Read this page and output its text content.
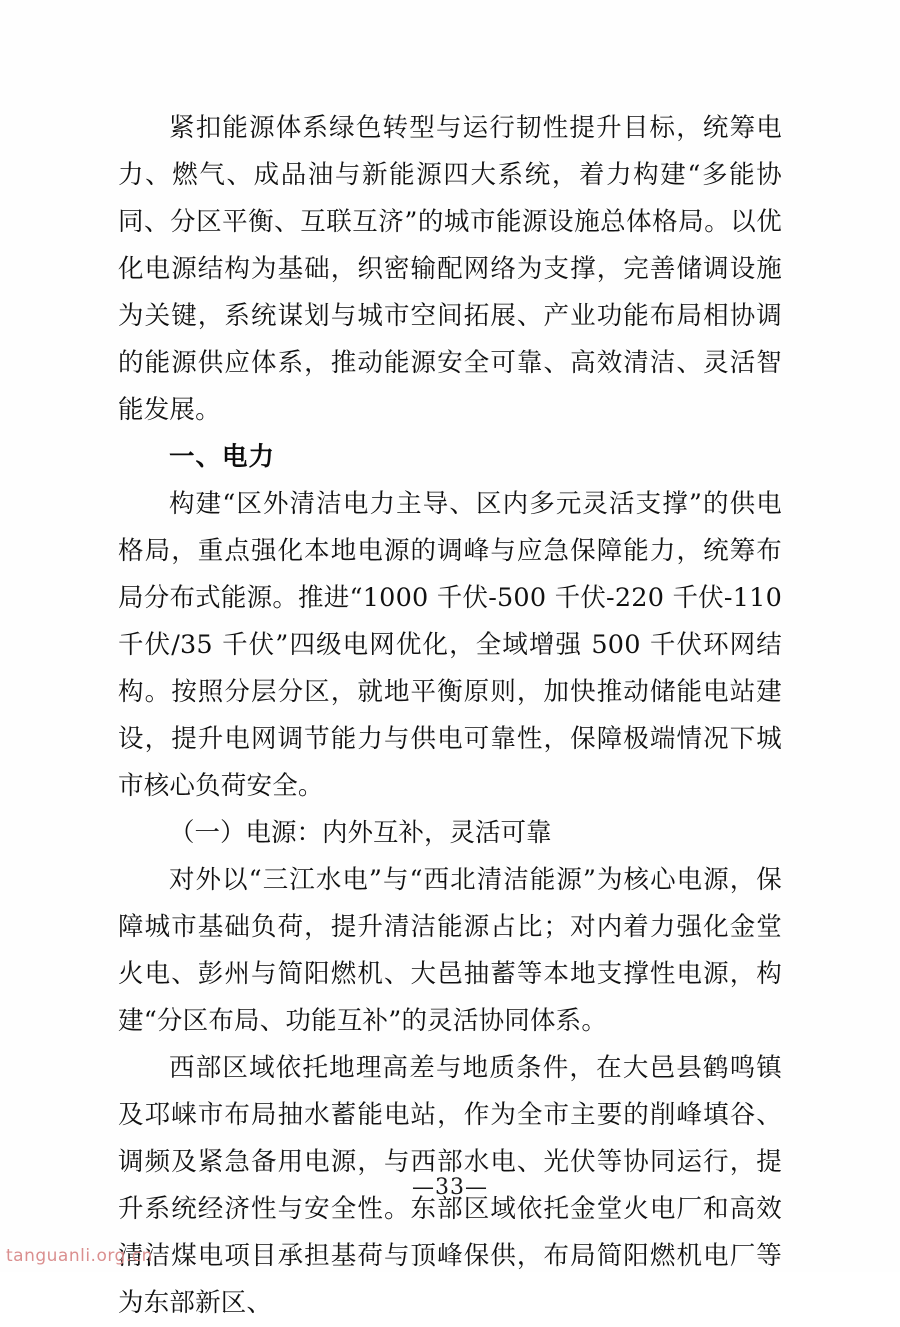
紧扣能源体系绿色转型与运行韧性提升目标，统筹电力、燃气、成品油与新能源四大系统，着力构建“多能协同、分区平衡、互联互济”的城市能源设施总体格局。以优化电源结构为基础，织密输配网络为支撑，完善储调设施为关键，系统谋划与城市空间拓展、产业功能布局相协调的能源供应体系，推动能源安全可靠、高效清洁、灵活智能发展。

一、电力

构建“区外清洁电力主导、区内多元灵活支撑”的供电格局，重点强化本地电源的调峰与应急保障能力，统筹布局分布式能源。推进“1000 千伏-500 千伏-220 千伏-110 千伏/35 千伏”四级电网优化，全域增强 500 千伏环网结构。按照分层分区，就地平衡原则，加快推动储能电站建设，提升电网调节能力与供电可靠性，保障极端情况下城市核心负荷安全。

（一）电源：内外互补，灵活可靠

对外以“三江水电”与“西北清洁能源”为核心电源，保障城市基础负荷，提升清洁能源占比；对内着力强化金堂火电、彭州与简阳燃机、大邑抽蓄等本地支撑性电源，构建“分区布局、功能互补”的灵活协同体系。

西部区域依托地理高差与地质条件，在大邑县鹤鸣镇及邛崃市布局抽水蓄能电站，作为全市主要的削峰填谷、调频及紧急备用电源，与西部水电、光伏等协同运行，提升系统经济性与安全性。东部区域依托金堂火电厂和高效清洁煤电项目承担基荷与顶峰保供，布局简阳燃机电厂等为东部新区、

—33—
tanguanli.org.cn
